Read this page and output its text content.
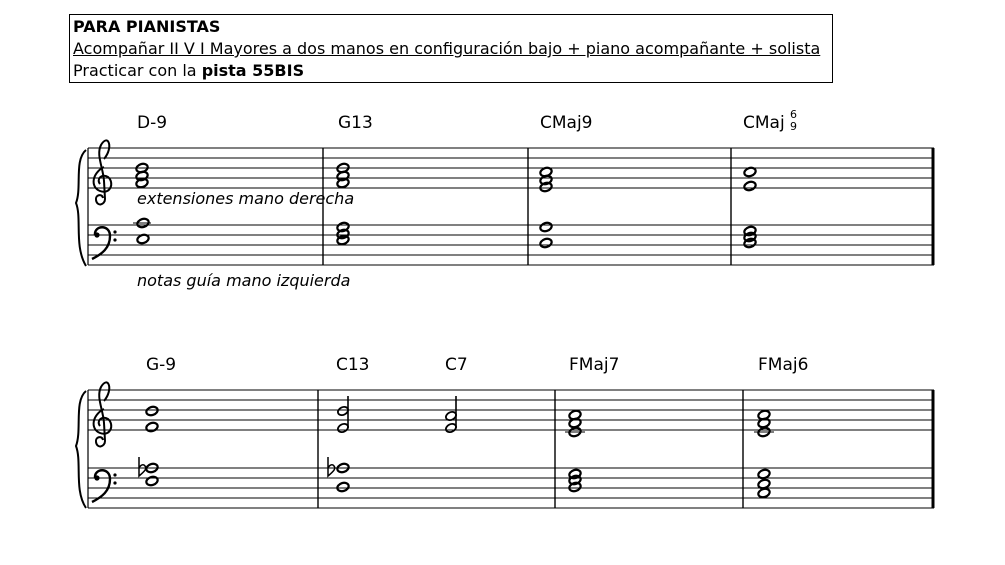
PARA PIANISTAS
Acompañar II V I Mayores a dos manos en configuración bajo + piano acompañante + solista
Practicar con la pista 55BIS
D-9	G13	CMaj9	CMaj 6
9
extensiones mano derecha
notas guía mano izquierda
G-9	C13	C7	FMaj7	FMaj6
